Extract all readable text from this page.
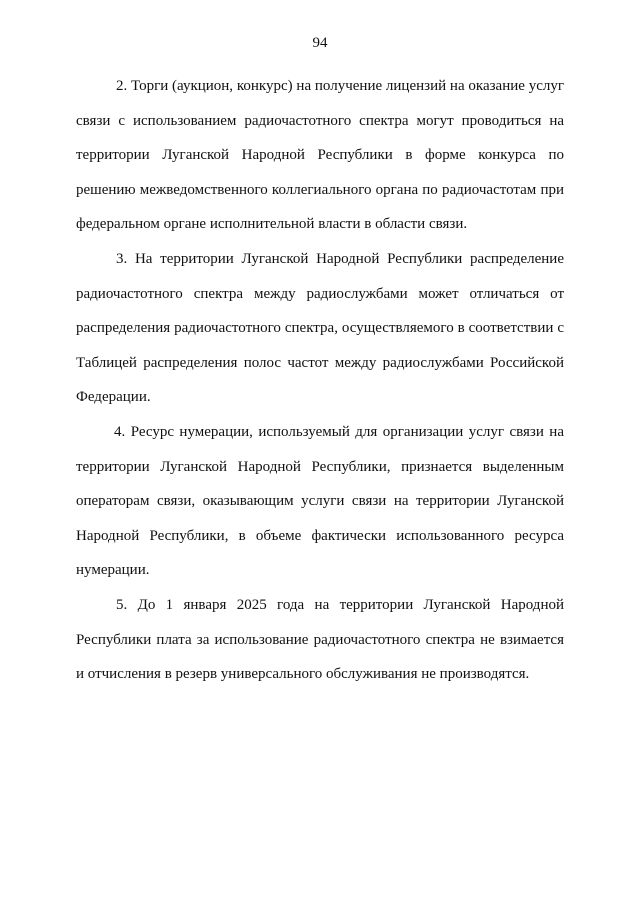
94

2. Торги (аукцион, конкурс) на получение лицензий на оказание услуг связи с использованием радиочастотного спектра могут проводиться на территории Луганской Народной Республики в форме конкурса по решению межведомственного коллегиального органа по радиочастотам при федеральном органе исполнительной власти в области связи.

3. На территории Луганской Народной Республики распределение радиочастотного спектра между радиослужбами может отличаться от распределения радиочастотного спектра, осуществляемого в соответствии с Таблицей распределения полос частот между радиослужбами Российской Федерации.

4. Ресурс нумерации, используемый для организации услуг связи на территории Луганской Народной Республики, признается выделенным операторам связи, оказывающим услуги связи на территории Луганской Народной Республики, в объеме фактически использованного ресурса нумерации.

5. До 1 января 2025 года на территории Луганской Народной Республики плата за использование радиочастотного спектра не взимается и отчисления в резерв универсального обслуживания не производятся.
